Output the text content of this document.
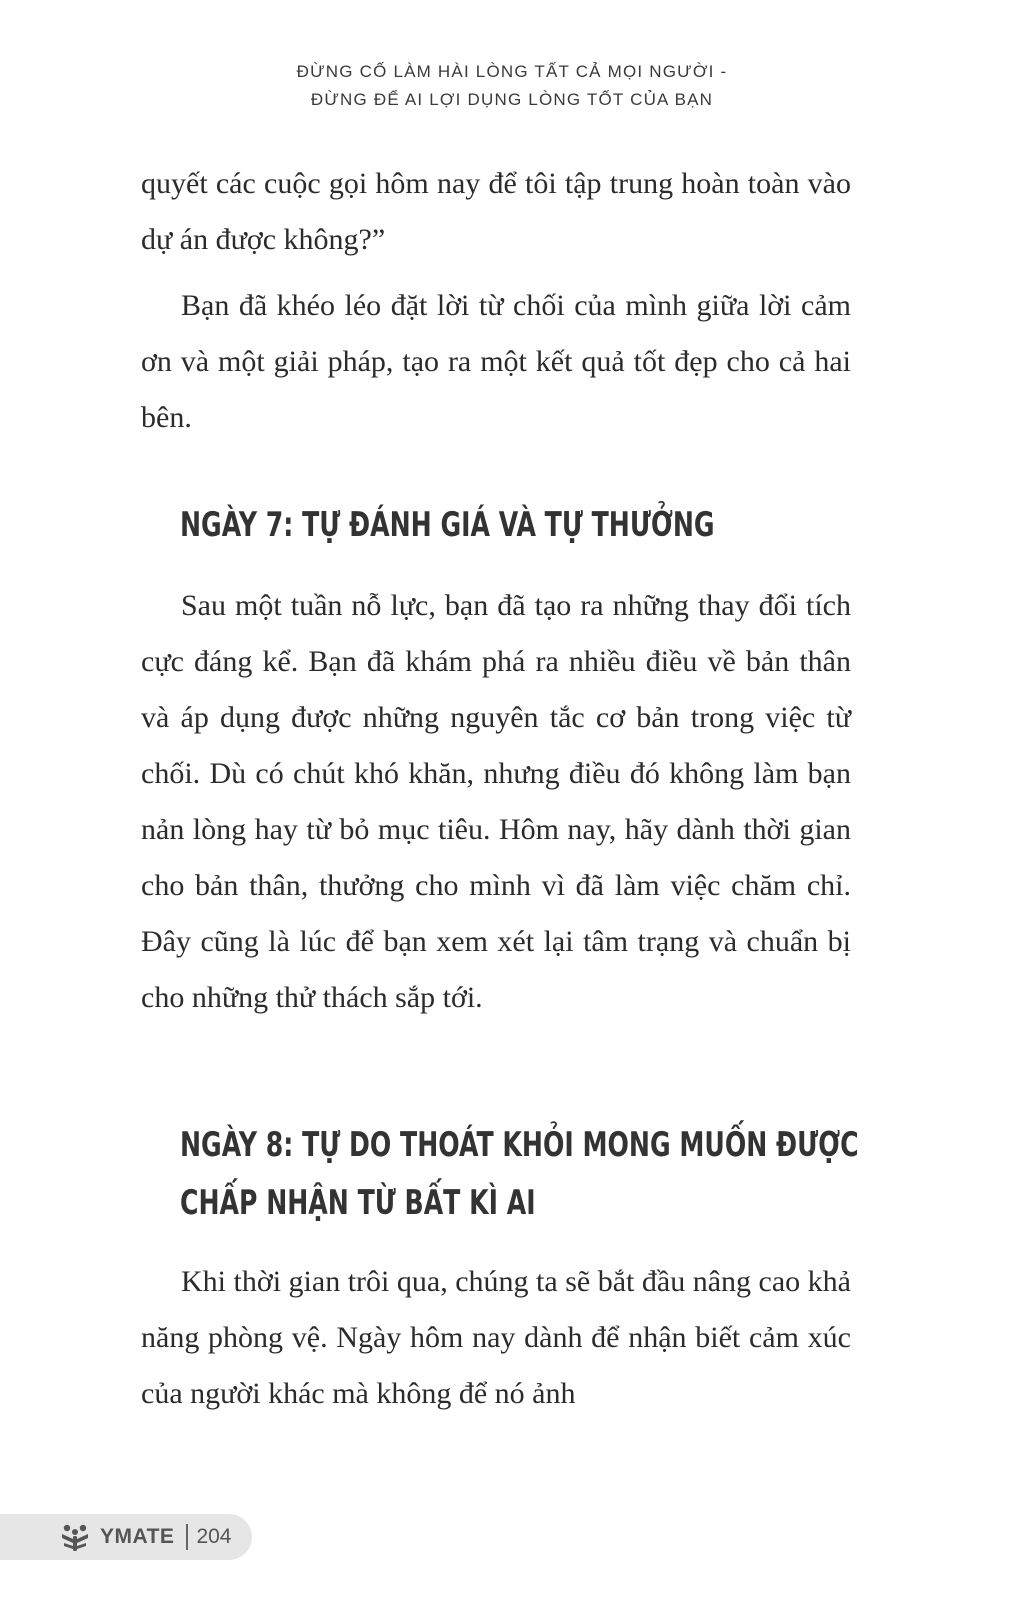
ĐỪNG CỐ LÀM HÀI LÒNG TẤT CẢ MỌI NGƯỜI -
ĐỪNG ĐỂ AI LỢI DỤNG LÒNG TỐT CỦA BẠN

quyết các cuộc gọi hôm nay để tôi tập trung hoàn toàn vào dự án được không?”

Bạn đã khéo léo đặt lời từ chối của mình giữa lời cảm ơn và một giải pháp, tạo ra một kết quả tốt đẹp cho cả hai bên.

NGÀY 7: TỰ ĐÁNH GIÁ VÀ TỰ THƯỞNG

Sau một tuần nỗ lực, bạn đã tạo ra những thay đổi tích cực đáng kể. Bạn đã khám phá ra nhiều điều về bản thân và áp dụng được những nguyên tắc cơ bản trong việc từ chối. Dù có chút khó khăn, nhưng điều đó không làm bạn nản lòng hay từ bỏ mục tiêu. Hôm nay, hãy dành thời gian cho bản thân, thưởng cho mình vì đã làm việc chăm chỉ. Đây cũng là lúc để bạn xem xét lại tâm trạng và chuẩn bị cho những thử thách sắp tới.

NGÀY 8: TỰ DO THOÁT KHỎI MONG MUỐN ĐƯỢC
CHẤP NHẬN TỪ BẤT KÌ AI

Khi thời gian trôi qua, chúng ta sẽ bắt đầu nâng cao khả năng phòng vệ. Ngày hôm nay dành để nhận biết cảm xúc của người khác mà không để nó ảnh

YMATE 204
